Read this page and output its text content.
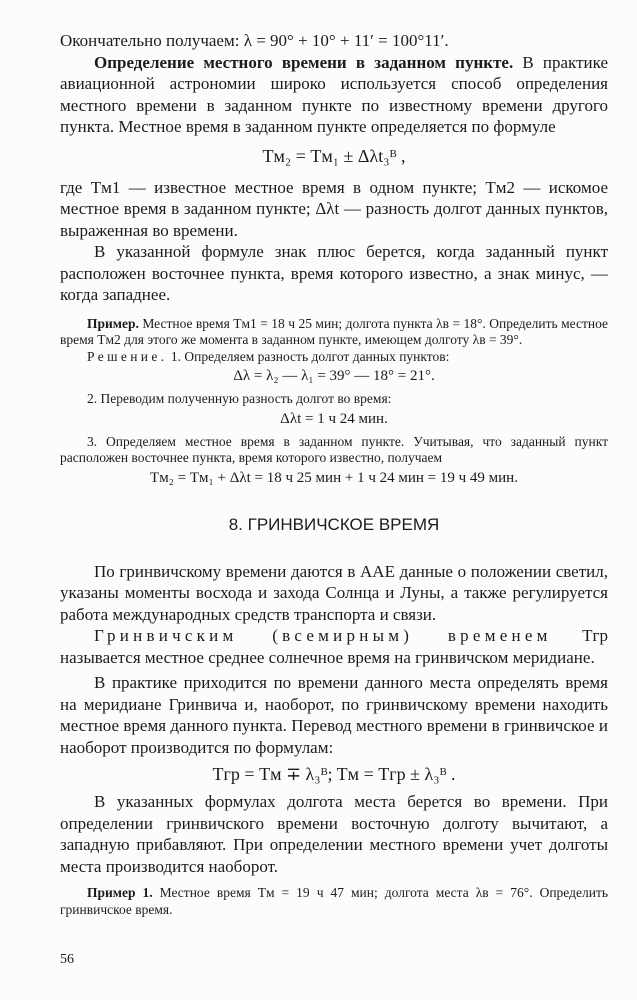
Окончательно получаем: λ = 90° + 10° + 11′ = 100°11′.

Определение местного времени в заданном пункте. В практике авиационной астрономии широко используется способ определения местного времени в заданном пункте по известному времени другого пункта. Местное время в заданном пункте определяется по формуле

Tм₂ = Tм₁ ± Δλt₃ᴮ ,

где Tм1 — известное местное время в одном пункте; Tм2 — искомое местное время в заданном пункте; Δλt — разность долгот данных пунктов, выраженная во времени.

В указанной формуле знак плюс берется, когда заданный пункт расположен восточнее пункта, время которого известно, а знак минус, — когда западнее.

Пример. Местное время Tм1 = 18 ч 25 мин; долгота пункта λв = 18°. Определить местное время Tм2 для этого же момента в заданном пункте, имеющем долготу λв = 39°.

Решение. 1. Определяем разность долгот данных пунктов:

Δλ = λ₂ — λ₁ = 39° — 18° = 21°.

2. Переводим полученную разность долгот во время:

Δλt = 1 ч 24 мин.

3. Определяем местное время в заданном пункте. Учитывая, что заданный пункт расположен восточнее пункта, время которого известно, получаем

Tм₂ = Tм₁ + Δλt = 18 ч 25 мин + 1 ч 24 мин = 19 ч 49 мин.

8. ГРИНВИЧСКОЕ ВРЕМЯ

По гринвичскому времени даются в ААЕ данные о положении светил, указаны моменты восхода и захода Солнца и Луны, а также регулируется работа международных средств транспорта и связи.

Гринвичским (всемирным) временем Tгр называется местное среднее солнечное время на гринвичском меридиане.

В практике приходится по времени данного места определять время на меридиане Гринвича и, наоборот, по гринвичскому времени находить местное время данного пункта. Перевод местного времени в гринвичское и наоборот производится по формулам:

Tгр = Tм ∓ λ₃ᴮ; Tм = Tгр ± λ₃ᴮ .

В указанных формулах долгота места берется во времени. При определении гринвичского времени восточную долготу вычитают, а западную прибавляют. При определении местного времени учет долготы места производится наоборот.

Пример 1. Местное время Tм = 19 ч 47 мин; долгота места λв = 76°. Определить гринвичское время.

56
